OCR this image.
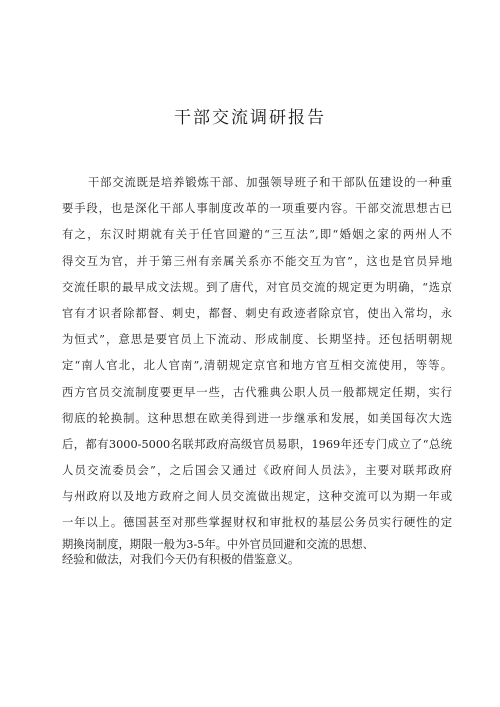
干部交流调研报告
干部交流既是培养锻炼干部、加强领导班子和干部队伍建设的一种重
要手段，也是深化干部人事制度改革的一项重要内容。干部交流思想古已
有之，东汉时期就有关于任官回避的“三互法”,即“婚姻之家的两州人不
得交互为官，并于第三州有亲属关系亦不能交互为官”，这也是官员异地
交流任职的最早成文法规。到了唐代，对官员交流的规定更为明确，“选京
官有才识者除都督、刺史，都督、刺史有政迹者除京官，使出入常均，永
为恒式”，意思是要官员上下流动、形成制度、长期坚持。还包括明朝规
定“南人官北，北人官南”,清朝规定京官和地方官互相交流使用，等等。
西方官员交流制度要更早一些，古代雅典公职人员一般都规定任期，实行
彻底的轮换制。这种思想在欧美得到进一步继承和发展，如美国每次大选
后，都有3000-5000名联邦政府高级官员易职，1969年还专门成立了“总统
人员交流委员会”，之后国会又通过《政府间人员法》，主要对联邦政府
与州政府以及地方政府之间人员交流做出规定，这种交流可以为期一年或
一年以上。德国甚至对那些掌握财权和审批权的基层公务员实行硬性的定
期換岗制度，期限一般为3-5年。中外官员回避和交流的思想、
经验和做法，对我们今天仍有积极的借鉴意义。
